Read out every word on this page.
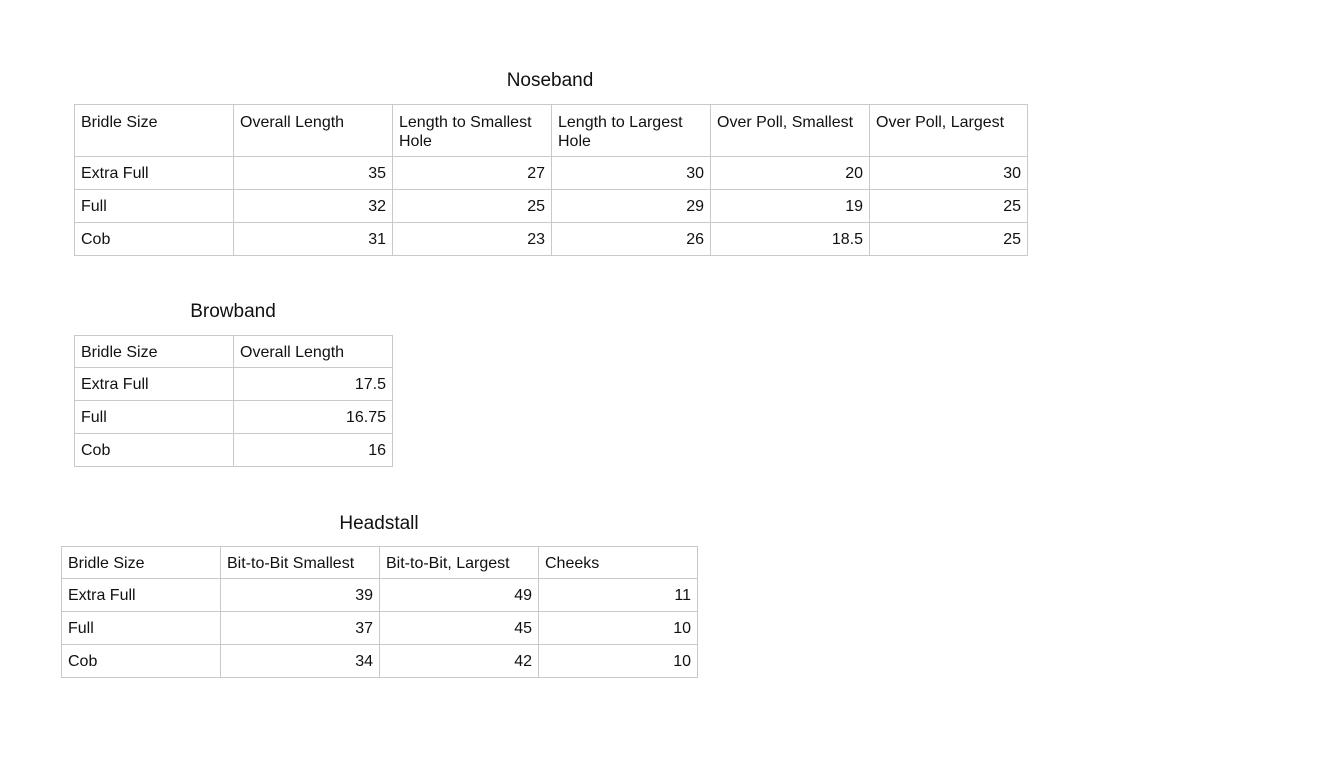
Noseband
Bridle Size	Overall Length	Length to Smallest Hole	Length to Largest Hole	Over Poll, Smallest	Over Poll, Largest
Extra Full	35	27	30	20	30
Full	32	25	29	19	25
Cob	31	23	26	18.5	25
Browband
Bridle Size	Overall Length
Extra Full	17.5
Full	16.75
Cob	16
Headstall
Bridle Size	Bit-to-Bit Smallest	Bit-to-Bit, Largest	Cheeks
Extra Full	39	49	11
Full	37	45	10
Cob	34	42	10
